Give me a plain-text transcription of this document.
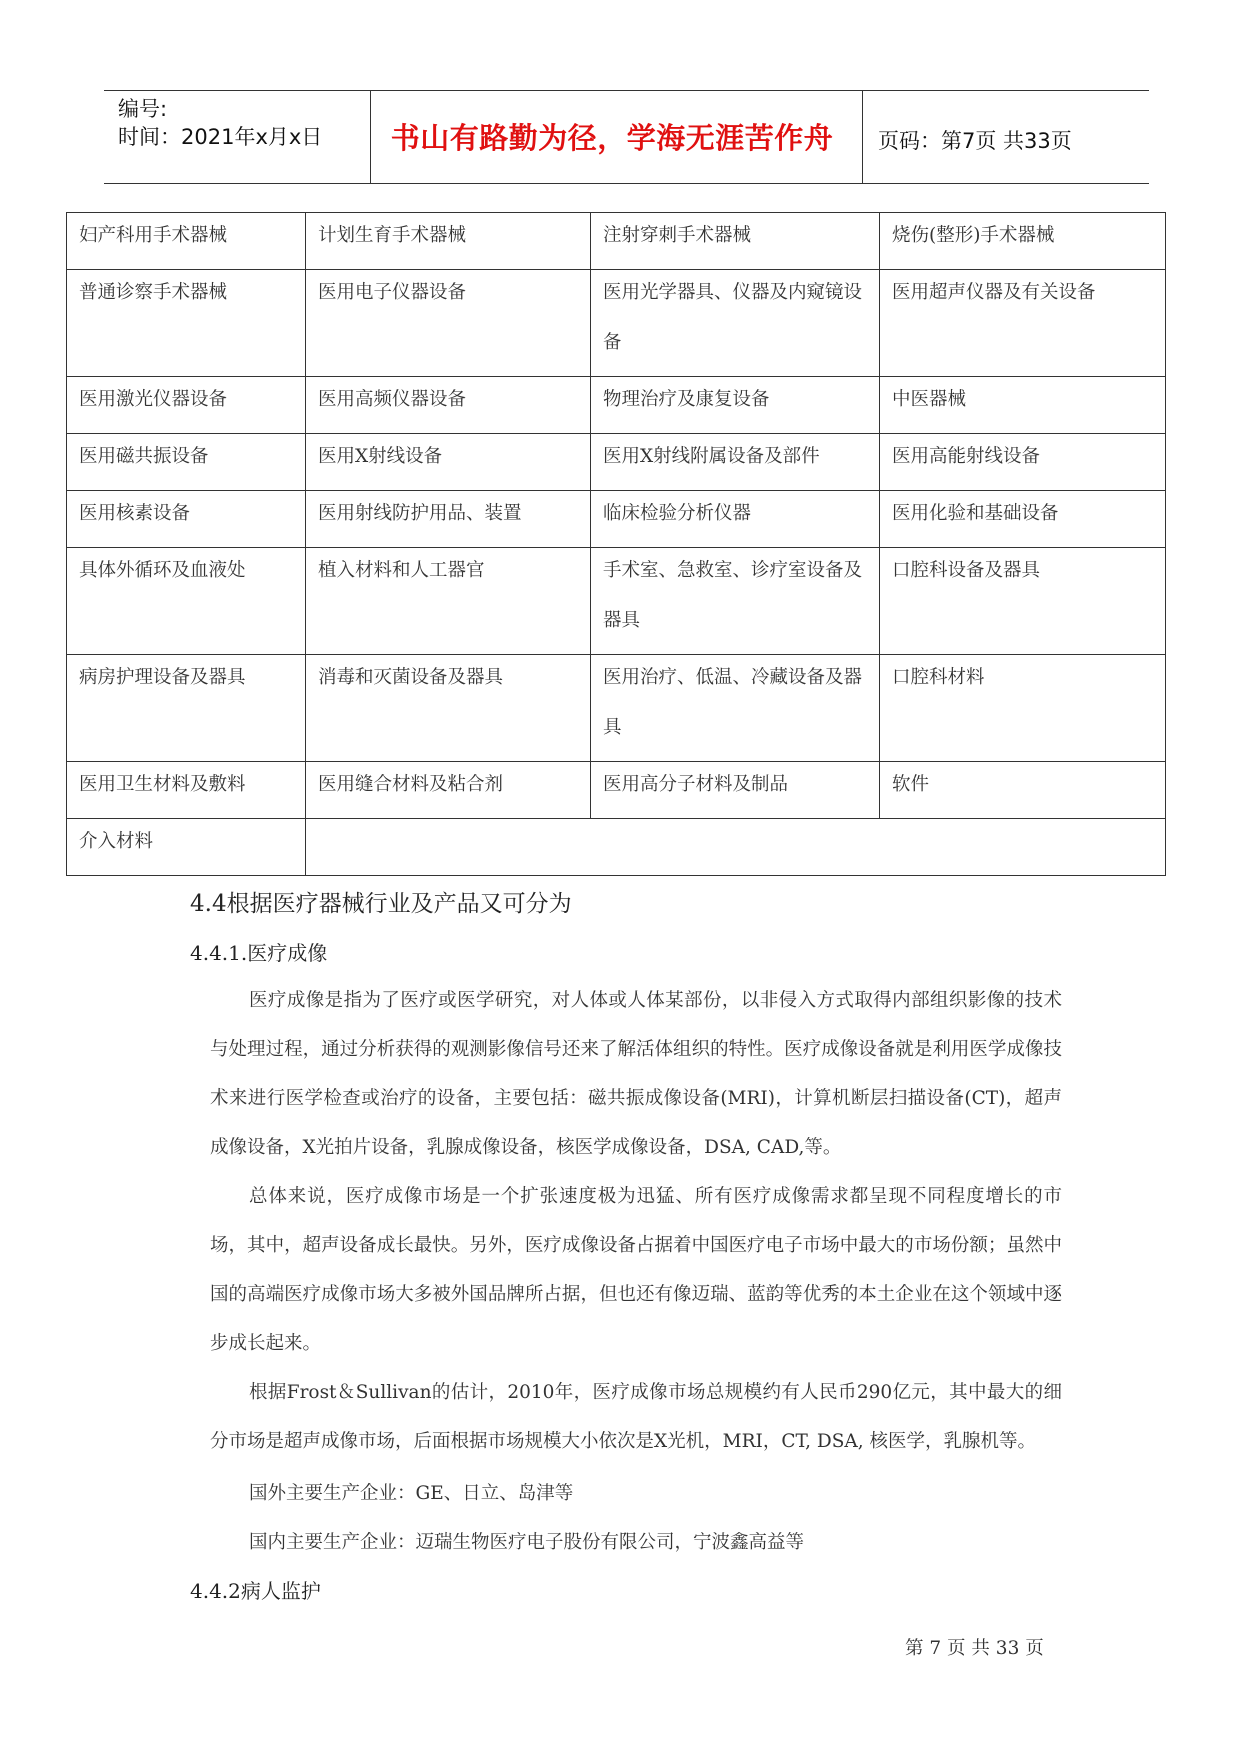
编号:
时间：2021年x月x日	书山有路勤为径，学海无涯苦作舟	页码：第7页 共33页
妇产科用手术器械	计划生育手术器械	注射穿刺手术器械	烧伤(整形)手术器械

普通诊察手术器械	医用电子仪器设备	医用光学器具、仪器及内窥镜设备	医用超声仪器及有关设备

医用激光仪器设备	医用高频仪器设备	物理治疗及康复设备	中医器械

医用磁共振设备	医用X射线设备	医用X射线附属设备及部件	医用高能射线设备

医用核素设备	医用射线防护用品、装置	临床检验分析仪器	医用化验和基础设备

具体外循环及血液处	植入材料和人工器官	手术室、急救室、诊疗室设备及器具	口腔科设备及器具

病房护理设备及器具	消毒和灭菌设备及器具	医用治疗、低温、冷藏设备及器具	口腔科材料

医用卫生材料及敷料	医用缝合材料及粘合剂	医用高分子材料及制品	软件

介入材料			

4.4根据医疗器械行业及产品又可分为
4.4.1.医疗成像

医疗成像是指为了医疗或医学研究，对人体或人体某部份，以非侵入方式取得内部组织影像的技术与处理过程，通过分析获得的观测影像信号还来了解活体组织的特性。医疗成像设备就是利用医学成像技术来进行医学检查或治疗的设备，主要包括：磁共振成像设备(MRI)，计算机断层扫描设备(CT)，超声成像设备，X光拍片设备，乳腺成像设备，核医学成像设备，DSA, CAD,等。

总体来说，医疗成像市场是一个扩张速度极为迅猛、所有医疗成像需求都呈现不同程度增长的市场，其中，超声设备成长最快。另外，医疗成像设备占据着中国医疗电子市场中最大的市场份额；虽然中国的高端医疗成像市场大多被外国品牌所占据，但也还有像迈瑞、蓝韵等优秀的本土企业在这个领域中逐步成长起来。

根据Frost＆Sullivan的估计，2010年，医疗成像市场总规模约有人民币290亿元，其中最大的细分市场是超声成像市场，后面根据市场规模大小依次是X光机，MRI，CT, DSA, 核医学，乳腺机等。

国外主要生产企业：GE、日立、岛津等
国内主要生产企业：迈瑞生物医疗电子股份有限公司，宁波鑫高益等
4.4.2病人监护
第 7 页 共 33 页
